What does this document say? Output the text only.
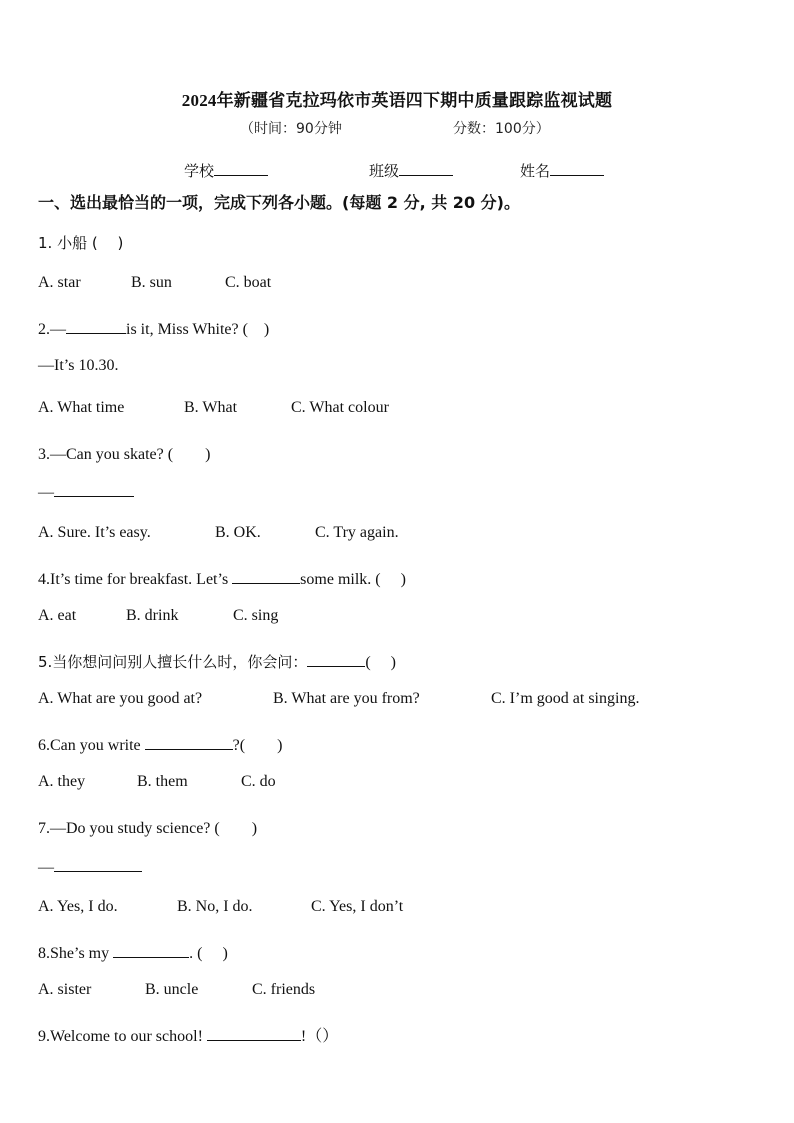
2024年新疆省克拉玛依市英语四下期中质量跟踪监视试题
（时间：90分钟	分数：100分）
学校	班级	姓名
一、选出最恰当的一项，完成下列各小题。(每题 2 分, 共 20 分)。
1. 小船 (　 )
A. star	B. sun	C. boat
2.—	is it, Miss White? (　)
—It’s 10.30.
A. What time	B. What	C. What colour
3.—Can you skate? (　　)
—
A. Sure. It’s easy.	B. OK.	C. Try again.
4.It’s time for breakfast. Let’s	some milk. (　 )
A. eat	B. drink	C. sing
5.当你想问问别人擅长什么时，你会问：	(　 )
A. What are you good at?	B. What are you from?	C. I’m good at singing.
6.Can you write	?(　　)
A. they	B. them	C. do
7.—Do you study science? (　　)
—
A. Yes, I do.	B. No, I do.	C. Yes, I don’t
8.She’s my	. (　 )
A. sister	B. uncle	C. friends
9.Welcome to our school!	!（）
